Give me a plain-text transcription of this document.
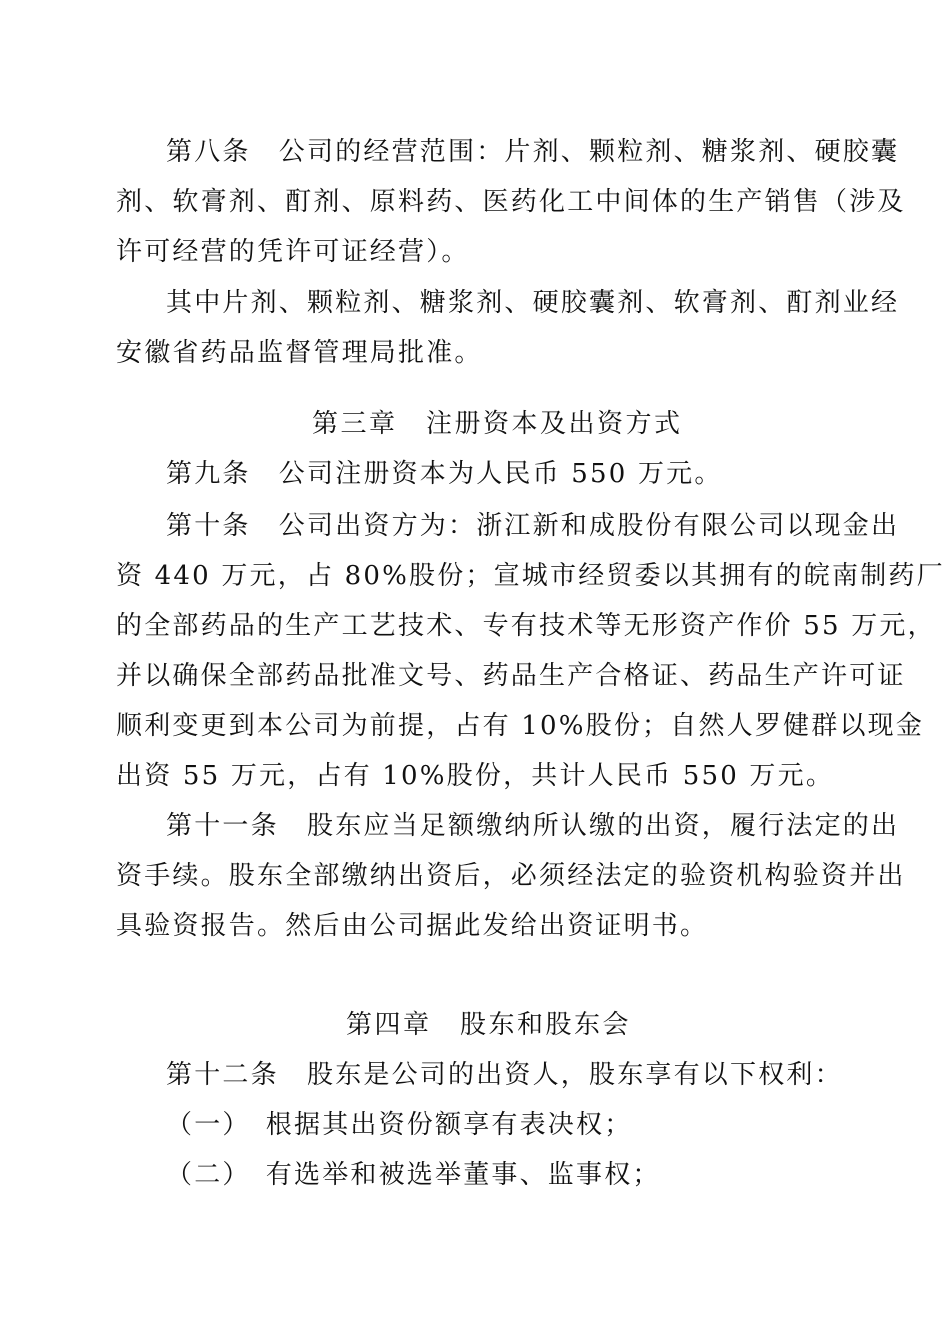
第八条　公司的经营范围：片剂、颗粒剂、糖浆剂、硬胶囊
剂、软膏剂、酊剂、原料药、医药化工中间体的生产销售（涉及
许可经营的凭许可证经营）。
其中片剂、颗粒剂、糖浆剂、硬胶囊剂、软膏剂、酊剂业经
安徽省药品监督管理局批准。
第三章　注册资本及出资方式
第九条　公司注册资本为人民币 550 万元。
第十条　公司出资方为：浙江新和成股份有限公司以现金出
资 440 万元，占 80%股份；宣城市经贸委以其拥有的皖南制药厂
的全部药品的生产工艺技术、专有技术等无形资产作价 55 万元，
并以确保全部药品批准文号、药品生产合格证、药品生产许可证
顺利变更到本公司为前提，占有 10%股份；自然人罗健群以现金
出资 55 万元，占有 10%股份，共计人民币 550 万元。
第十一条　股东应当足额缴纳所认缴的出资，履行法定的出
资手续。股东全部缴纳出资后，必须经法定的验资机构验资并出
具验资报告。然后由公司据此发给出资证明书。
第四章　股东和股东会
第十二条　股东是公司的出资人，股东享有以下权利：
（一）　根据其出资份额享有表决权；
（二）　有选举和被选举董事、监事权；
